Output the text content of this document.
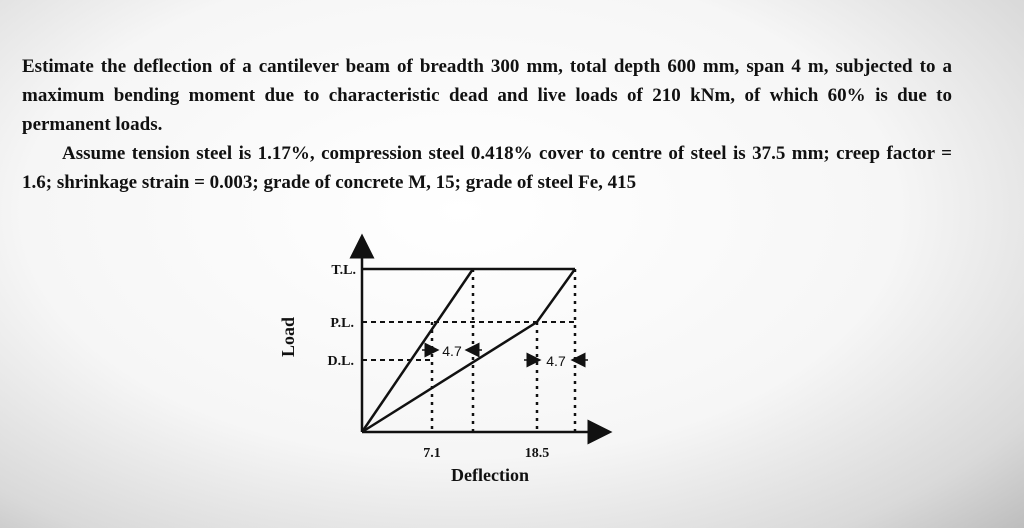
Estimate the deflection of a cantilever beam of breadth 300 mm, total depth 600 mm, span 4 m, subjected to a maximum bending moment due to characteristic dead and live loads of 210 kNm, of which 60% is due to permanent loads.

Assume tension steel is 1.17%, compression steel 0.418% cover to centre of steel is 37.5 mm; creep factor = 1.6; shrinkage strain = 0.003; grade of concrete M, 15; grade of steel Fe, 415

T.L.
P.L.
D.L.
4.7
4.7
7.1	18.5
Deflection
Load
